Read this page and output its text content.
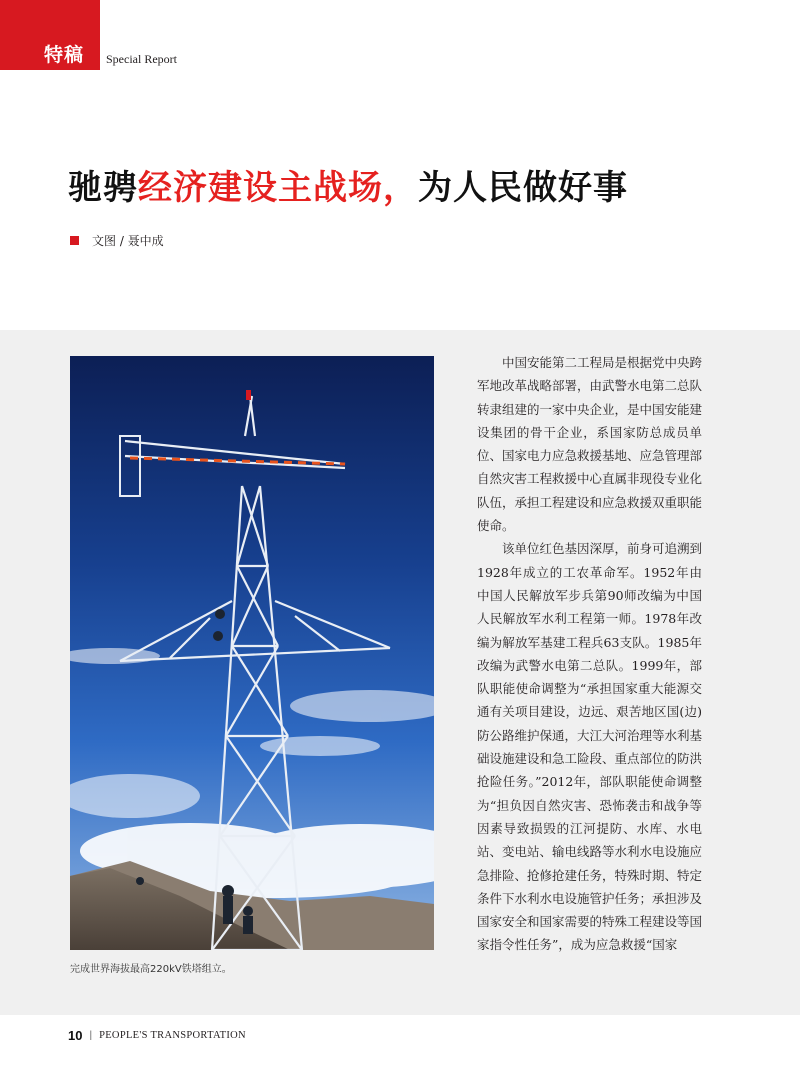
特稿 Special Report
驰骋经济建设主战场，为人民做好事
文图 / 聂中成
完成世界海拔最高220kV铁塔组立。

中国安能第二工程局是根据党中央跨军地改革战略部署，由武警水电第二总队转隶组建的一家中央企业，是中国安能建设集团的骨干企业，系国家防总成员单位、国家电力应急救援基地、应急管理部自然灾害工程救援中心直属非现役专业化队伍，承担工程建设和应急救援双重职能使命。

该单位红色基因深厚，前身可追溯到1928年成立的工农革命军。1952年由中国人民解放军步兵第90师改编为中国人民解放军水利工程第一师。1978年改编为解放军基建工程兵63支队。1985年改编为武警水电第二总队。1999年，部队职能使命调整为“承担国家重大能源交通有关项目建设，边远、艰苦地区国(边)防公路维护保通，大江大河治理等水利基础设施建设和急工险段、重点部位的防洪抢险任务。”2012年，部队职能使命调整为“担负因自然灾害、恐怖袭击和战争等因素导致损毁的江河提防、水库、水电站、变电站、输电线路等水利水电设施应急排险、抢修抢建任务，特殊时期、特定条件下水利水电设施管护任务；承担涉及国家安全和国家需要的特殊工程建设等国家指令性任务”，成为应急救援“国家

10 | PEOPLE'S TRANSPORTATION
